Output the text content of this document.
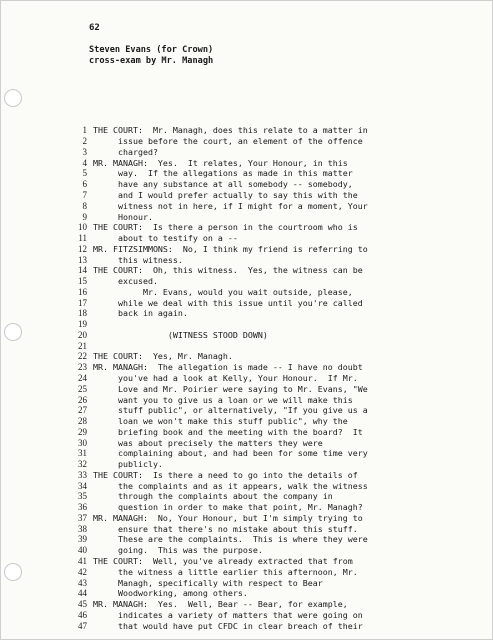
62
Steven Evans (for Crown)
cross-exam by Mr. Managh
1 THE COURT:  Mr. Managh, does this relate to a matter in
2 issue before the court, an element of the offence
3 charged?
4 MR. MANAGH:  Yes.  It relates, Your Honour, in this
5 way.  If the allegations as made in this matter
6 have any substance at all somebody -- somebody,
7 and I would prefer actually to say this with the
8 witness not in here, if I might for a moment, Your
9 Honour.
10 THE COURT:  Is there a person in the courtroom who is
11 about to testify on a --
12 MR. FITZSIMMONS:  No, I think my friend is referring to
13 this witness.
14 THE COURT:  Oh, this witness.  Yes, the witness can be
15 excused.
16 Mr. Evans, would you wait outside, please,
17 while we deal with this issue until you're called
18 back in again.
19
20 (WITNESS STOOD DOWN)
21
22 THE COURT:  Yes, Mr. Managh.
23 MR. MANAGH:  The allegation is made -- I have no doubt
24 you've had a look at Kelly, Your Honour.  If Mr.
25 Love and Mr. Poirier were saying to Mr. Evans, "We
26 want you to give us a loan or we will make this
27 stuff public", or alternatively, "If you give us a
28 loan we won't make this stuff public", why the
29 briefing book and the meeting with the board?  It
30 was about precisely the matters they were
31 complaining about, and had been for some time very
32 publicly.
33 THE COURT:  Is there a need to go into the details of
34 the complaints and as it appears, walk the witness
35 through the complaints about the company in
36 question in order to make that point, Mr. Managh?
37 MR. MANAGH:  No, Your Honour, but I'm simply trying to
38 ensure that there's no mistake about this stuff.
39 These are the complaints.  This is where they were
40 going.  This was the purpose.
41 THE COURT:  Well, you've already extracted that from
42 the witness a little earlier this afternoon, Mr.
43 Managh, specifically with respect to Bear
44 Woodworking, among others.
45 MR. MANAGH:  Yes.  Well, Bear -- Bear, for example,
46 indicates a variety of matters that were going on
47 that would have put CFDC in clear breach of their
